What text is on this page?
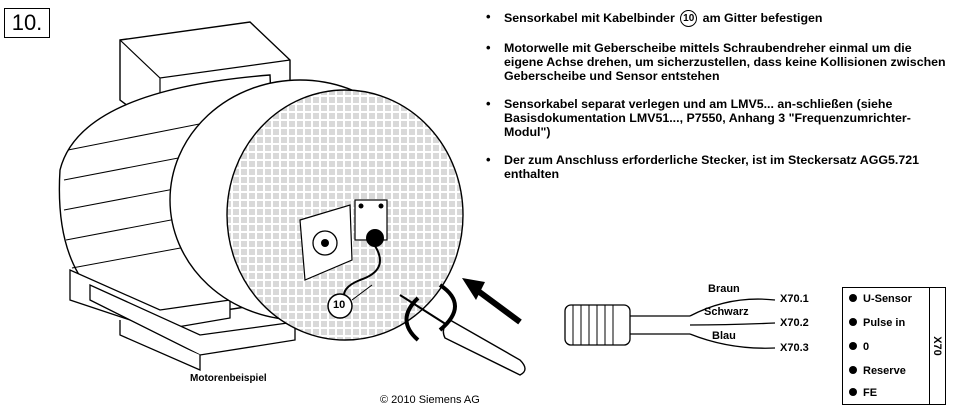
10.
Motorenbeispiel
© 2010 Siemens AG
10
• Sensorkabel mit Kabelbinder 10 am Gitter befestigen
• Motorwelle mit Geberscheibe mittels Schraubendreher einmal um die eigene Achse drehen, um sicherzustellen, dass keine Kollisionen zwischen Geberscheibe und Sensor entstehen
• Sensorkabel separat verlegen und am LMV5... an-schließen (siehe Basisdokumentation LMV51..., P7550, Anhang 3 "Frequenzumrichter-Modul")
• Der zum Anschluss erforderliche Stecker, ist im Steckersatz AGG5.721 enthalten
Braun
Schwarz
Blau
X70.1
X70.2
X70.3
U-Sensor
Pulse in
0
Reserve
FE
X70
